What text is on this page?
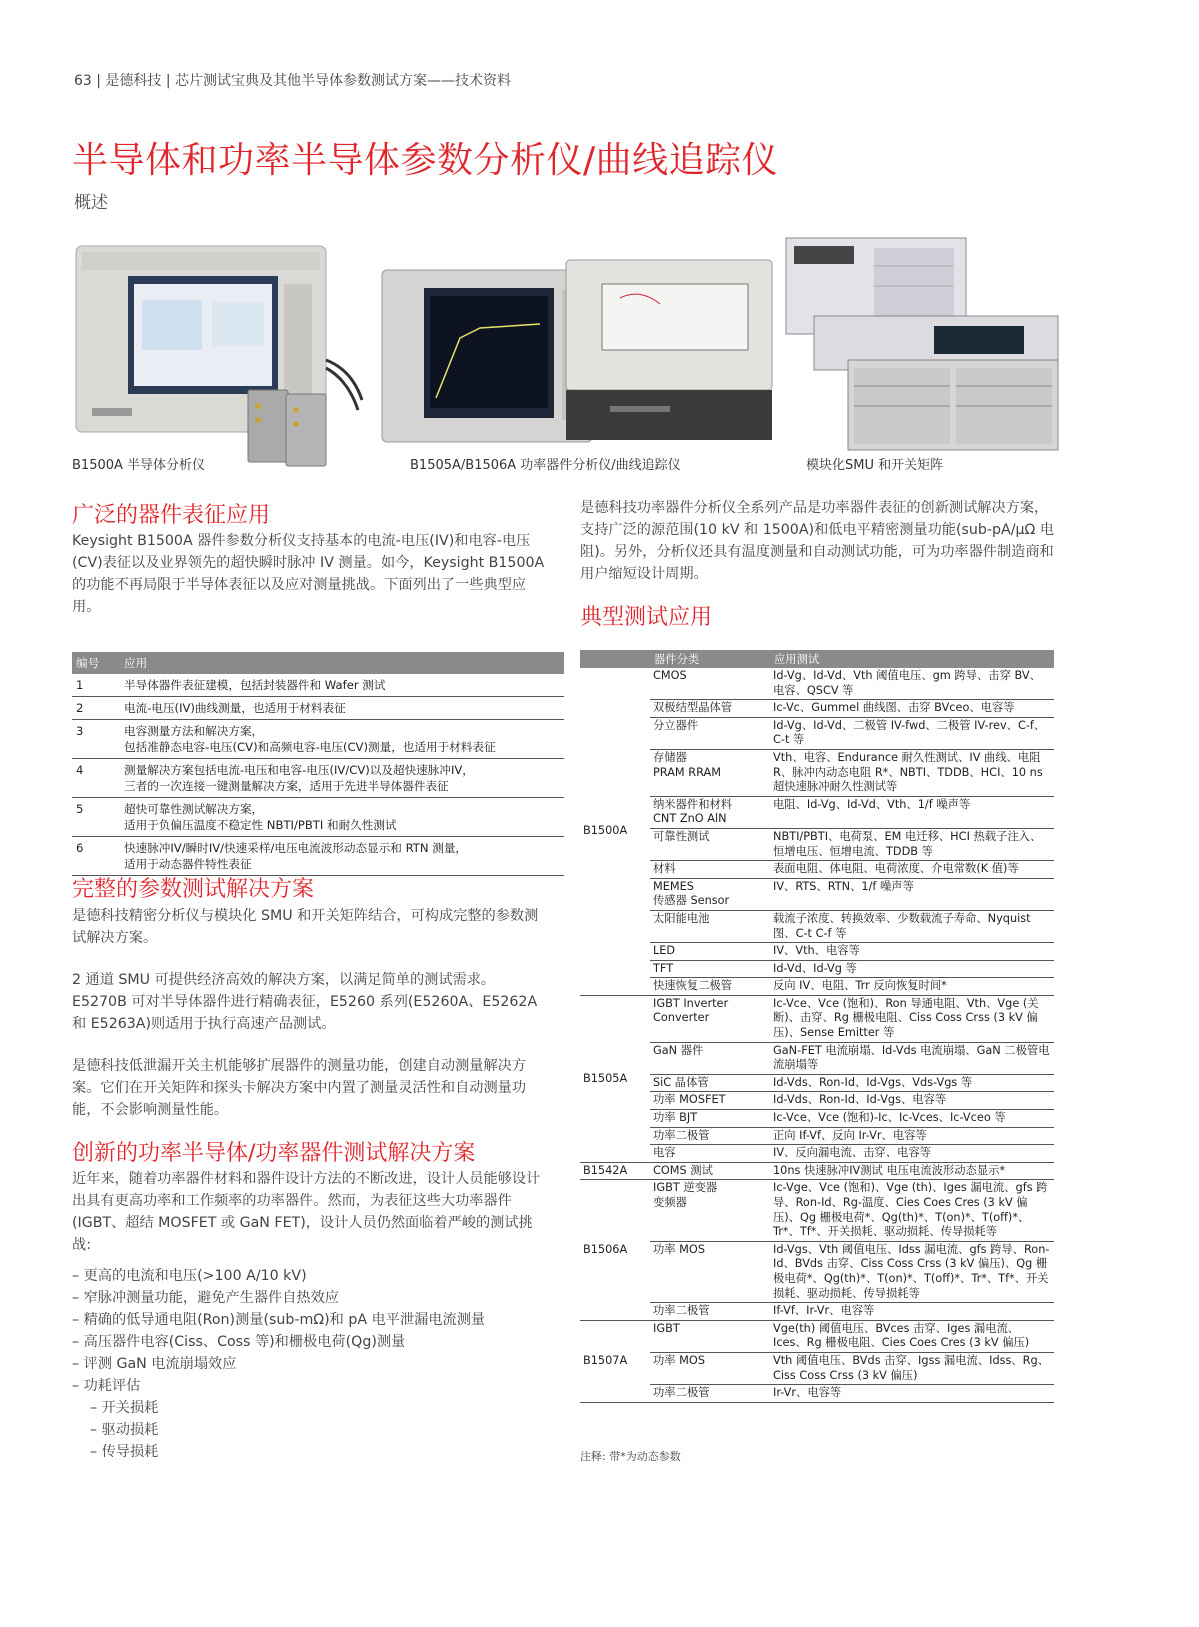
63 | 是德科技 | 芯片测试宝典及其他半导体参数测试方案——技术资料
半导体和功率半导体参数分析仪/曲线追踪仪
概述
B1500A 半导体分析仪	B1505A/B1506A 功率器件分析仪/曲线追踪仪	模块化SMU 和开关矩阵
广泛的器件表征应用
Keysight B1500A 器件参数分析仪支持基本的电流-电压(IV)和电容-电压(CV)表征以及业界领先的超快瞬时脉冲 IV 测量。如今，Keysight B1500A 的功能不再局限于半导体表征以及应对测量挑战。下面列出了一些典型应用。
编号	应用
1	半导体器件表征建模，包括封装器件和 Wafer 测试
2	电流-电压(IV)曲线测量，也适用于材料表征
3	电容测量方法和解决方案，
包括准静态电容-电压(CV)和高频电容-电压(CV)测量，也适用于材料表征
4	测量解决方案包括电流-电压和电容-电压(IV/CV)以及超快速脉冲IV，
三者的一次连接一键测量解决方案，适用于先进半导体器件表征
5	超快可靠性测试解决方案，
适用于负偏压温度不稳定性 NBTI/PBTI 和耐久性测试
6	快速脉冲IV/瞬时IV/快速采样/电压电流波形动态显示和 RTN 测量，
适用于动态器件特性表征
完整的参数测试解决方案
是德科技精密分析仪与模块化 SMU 和开关矩阵结合，可构成完整的参数测试解决方案。
2 通道 SMU 可提供经济高效的解决方案，以满足简单的测试需求。E5270B 可对半导体器件进行精确表征，E5260 系列(E5260A、E5262A 和 E5263A)则适用于执行高速产品测试。
是德科技低泄漏开关主机能够扩展器件的测量功能，创建自动测量解决方案。它们在开关矩阵和探头卡解决方案中内置了测量灵活性和自动测量功能，不会影响测量性能。
创新的功率半导体/功率器件测试解决方案
近年来，随着功率器件材料和器件设计方法的不断改进，设计人员能够设计出具有更高功率和工作频率的功率器件。然而，为表征这些大功率器件 (IGBT、超结 MOSFET 或 GaN FET)，设计人员仍然面临着严峻的测试挑战:
– 更高的电流和电压(>100 A/10 kV)
– 窄脉冲测量功能，避免产生器件自热效应
– 精确的低导通电阻(Ron)测量(sub-mΩ)和 pA 电平泄漏电流测量
– 高压器件电容(Ciss、Coss 等)和栅极电荷(Qg)测量
– 评测 GaN 电流崩塌效应
– 功耗评估
– 开关损耗
– 驱动损耗
– 传导损耗
是德科技功率器件分析仪全系列产品是功率器件表征的创新测试解决方案，支持广泛的源范围(10 kV 和 1500A)和低电平精密测量功能(sub-pA/μΩ 电阻)。另外，分析仪还具有温度测量和自动测试功能，可为功率器件制造商和用户缩短设计周期。
典型测试应用
	器件分类	应用测试
B1500A	CMOS	Id-Vg、Id-Vd、Vth 阈值电压、gm 跨导、击穿 BV、电容、QSCV 等
	双极结型晶体管	Ic-Vc、Gummel 曲线图、击穿 BVceo、电容等
	分立器件	Id-Vg、Id-Vd、二极管 IV-fwd、二极管 IV-rev、C-f、C-t 等
	存储器
PRAM RRAM	Vth、电容、Endurance 耐久性测试、IV 曲线、电阻 R、脉冲内动态电阻 R*、NBTI、TDDB、HCI、10 ns 超快速脉冲耐久性测试等
	纳米器件和材料
CNT ZnO AlN	电阻、Id-Vg、Id-Vd、Vth、1/f 噪声等
	可靠性测试	NBTI/PBTI、电荷泵、EM 电迁移、HCI 热载子注入、恒增电压、恒增电流、TDDB 等
	材料	表面电阻、体电阻、电荷浓度、介电常数(K 值)等
	MEMES
传感器 Sensor	IV、RTS、RTN、1/f 噪声等
	太阳能电池	载流子浓度、转换效率、少数载流子寿命、Nyquist 图、C-t C-f 等
	LED	IV、Vth、电容等
	TFT	Id-Vd、Id-Vg 等
	快速恢复二极管	反向 IV、电阻、Trr 反向恢复时间*
B1505A	IGBT Inverter
Converter	Ic-Vce、Vce (饱和)、Ron 导通电阻、Vth、Vge (关断)、击穿、Rg 栅极电阻、Ciss Coss Crss (3 kV 偏压)、Sense Emitter 等
	GaN 器件	GaN-FET 电流崩塌、Id-Vds 电流崩塌、GaN 二极管电流崩塌等
	SiC 晶体管	Id-Vds、Ron-Id、Id-Vgs、Vds-Vgs 等
	功率 MOSFET	Id-Vds、Ron-Id、Id-Vgs、电容等
	功率 BJT	Ic-Vce、Vce (饱和)-Ic、Ic-Vces、Ic-Vceo 等
	功率二极管	正向 If-Vf、反向 Ir-Vr、电容等
	电容	IV、反向漏电流、击穿、电容等
B1542A	COMS 测试	10ns 快速脉冲IV测试 电压电流波形动态显示*
B1506A	IGBT 逆变器
变频器	Ic-Vge、Vce (饱和)、Vge (th)、Iges 漏电流、gfs 跨导、Ron-Id、Rg-温度、Cies Coes Cres (3 kV 偏压)、Qg 栅极电荷*、Qg(th)*、T(on)*、T(off)*、Tr*、Tf*、开关损耗、驱动损耗、传导损耗等
	功率 MOS	Id-Vgs、Vth 阈值电压、Idss 漏电流、gfs 跨导、Ron-Id、BVds 击穿、Ciss Coss Crss (3 kV 偏压)、Qg 栅极电荷*、Qg(th)*、T(on)*、T(off)*、Tr*、Tf*、开关损耗、驱动损耗、传导损耗等
	功率二极管	If-Vf、Ir-Vr、电容等
B1507A	IGBT	Vge(th) 阈值电压、BVces 击穿、Iges 漏电流、Ices、Rg 栅极电阻、Cies Coes Cres (3 kV 偏压)
	功率 MOS	Vth 阈值电压、BVds 击穿、Igss 漏电流、Idss、Rg、Ciss Coss Crss (3 kV 偏压)
	功率二极管	Ir-Vr、电容等
注释: 带*为动态参数
